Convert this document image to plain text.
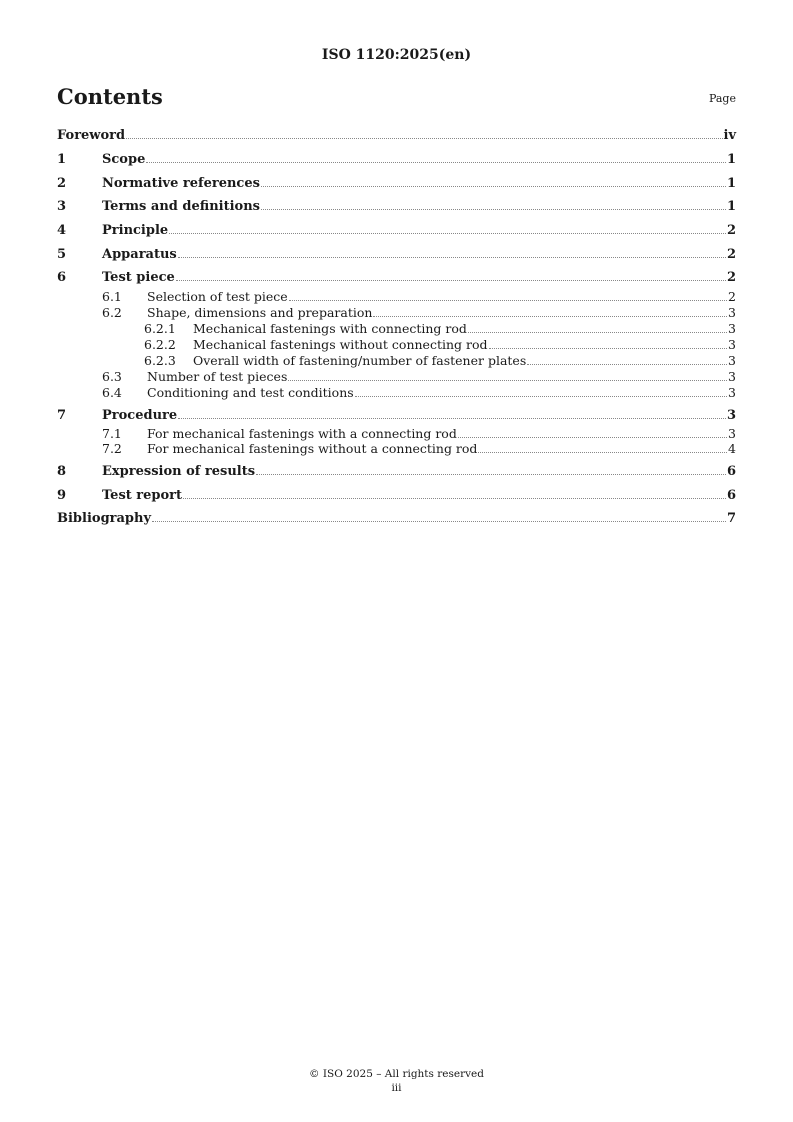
ISO 1120:2025(en)
Contents	Page
Foreword	iv
1	Scope	1
2	Normative references	1
3	Terms and definitions	1
4	Principle	2
5	Apparatus	2
6	Test piece	2
6.1	Selection of test piece	2
6.2	Shape, dimensions and preparation	3
6.2.1	Mechanical fastenings with connecting rod	3
6.2.2	Mechanical fastenings without connecting rod	3
6.2.3	Overall width of fastening/number of fastener plates	3
6.3	Number of test pieces	3
6.4	Conditioning and test conditions	3
7	Procedure	3
7.1	For mechanical fastenings with a connecting rod	3
7.2	For mechanical fastenings without a connecting rod	4
8	Expression of results	6
9	Test report	6
Bibliography	7
© ISO 2025 – All rights reserved
iii
